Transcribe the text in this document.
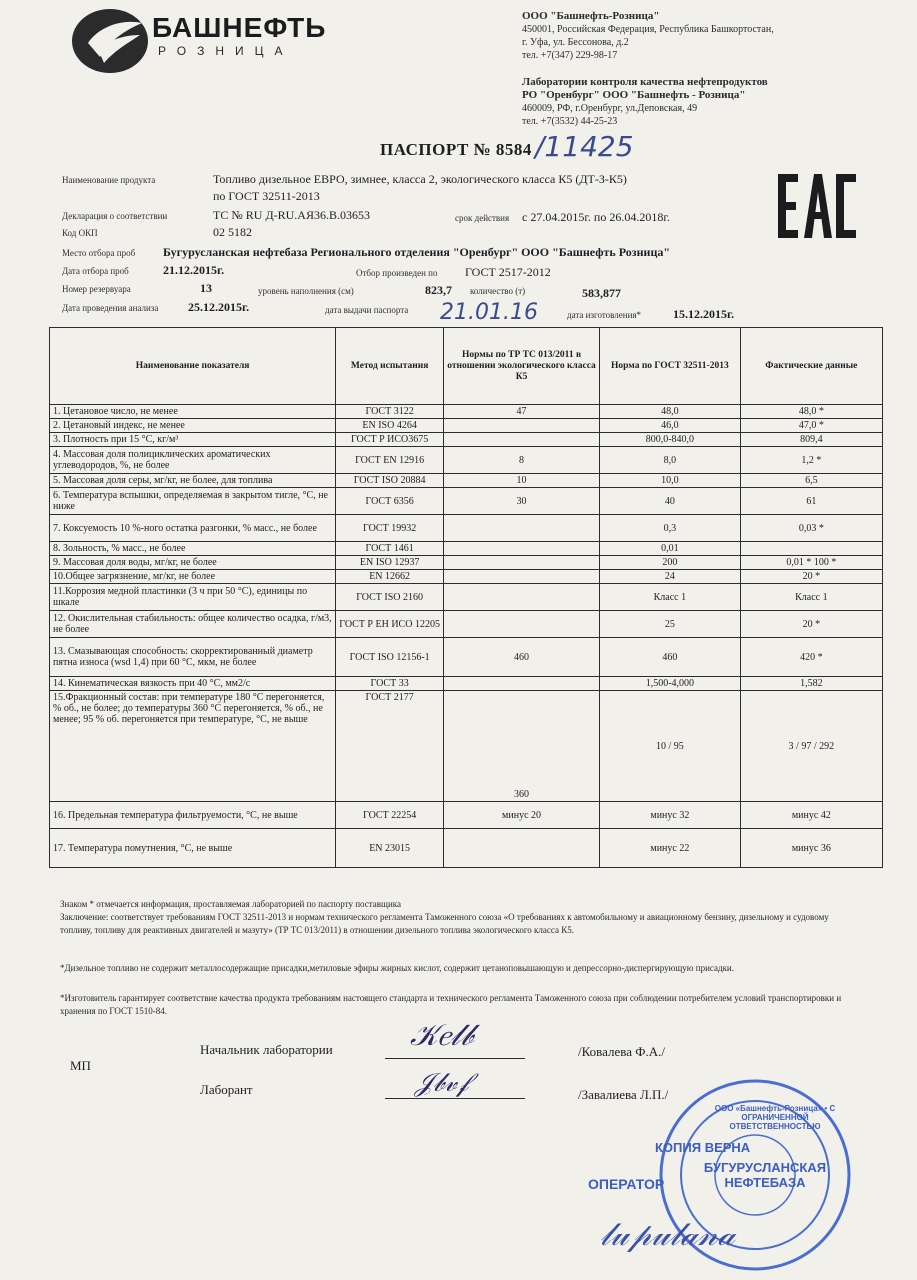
БАШНЕФТЬ
РОЗНИЦА
ООО "Башнефть-Розница"
450001, Российская Федерация, Республика Башкортостан,
г. Уфа, ул. Бессонова, д.2
тел. +7(347) 229-98-17
Лаборатории контроля качества нефтепродуктов
РО "Оренбург" ООО "Башнефть - Розница"
460009, РФ, г.Оренбург, ул.Деповская, 49
тел. +7(3532) 44-25-23
ПАСПОРТ № 8584 /11425
Наименование продукта	Топливо дизельное ЕВРО, зимнее, класса 2, экологического класса К5 (ДТ-З-К5)
по ГОСТ 32511-2013
Декларация о соответствии	ТС № RU Д-RU.АЯ36.В.03653	срок действия с 27.04.2015г. по 26.04.2018г.
Код ОКП	02 5182
Место отбора проб Бугурусланская нефтебаза Регионального отделения "Оренбург" ООО "Башнефть Розница"
Дата отбора проб	21.12.2015г.	Отбор произведен по ГОСТ 2517-2012
Номер резервуара	13	уровень наполнения (см)	823,7 количество (т)	583,877
Дата проведения анализа 25.12.2015г.	дата выдачи паспорта 21.01.16	дата изготовления*	15.12.2015г.
Наименование показателя	Метод испытания	Нормы по ТР ТС 013/2011 в отношении экологического класса К5	Норма по ГОСТ 32511-2013	Фактические данные
1. Цетановое число, не менее	ГОСТ 3122	47	48,0	48,0 *
2. Цетановый индекс, не менее	EN ISO 4264		46,0	47,0 *
3. Плотность при 15 °С, кг/м³	ГОСТ Р ИСО3675		800,0-840,0	809,4
4. Массовая доля полициклических ароматических углеводородов, %, не более	ГОСТ EN 12916	8	8,0	1,2 *
5. Массовая доля серы, мг/кг, не более, для топлива	ГОСТ ISO 20884	10	10,0	6,5
6. Температура вспышки, определяемая в закрытом тигле, °С, не ниже	ГОСТ 6356	30	40	61
7. Коксуемость 10 %-ного остатка разгонки, % масс., не более	ГОСТ 19932		0,3	0,03 *
8. Зольность, % масс., не более	ГОСТ 1461		0,01	
9. Массовая доля воды, мг/кг, не более	EN ISO 12937		200	0,01 * 100 *
10.Общее загрязнение, мг/кг, не более	EN 12662		24	20 *
11.Коррозия медной пластинки (3 ч при 50 °С), единицы по шкале	ГОСТ ISO 2160		Класс 1	Класс 1
12. Окислительная стабильность: общее количество осадка, г/м3, не более	ГОСТ Р ЕН ИСО 12205		25	20 *
13. Смазывающая способность: скорректированный диаметр пятна износа (wsd 1,4) при 60 °С, мкм, не более	ГОСТ ISO 12156-1	460	460	420 *
14. Кинематическая вязкость при 40 °С, мм2/с	ГОСТ 33		1,500-4,000	1,582
15.Фракционный состав: при температуре 180 °С перегоняется, % об., не более; до температуры 360 °С перегоняется, % об., не менее; 95 % об. перегоняется при температуре, °С, не выше	ГОСТ 2177	360	10 / 95	3 / 97 / 292
16. Предельная температура фильтруемости, °С, не выше	ГОСТ 22254	минус 20	минус 32	минус 42
17. Температура помутнения, °С, не выше	EN 23015		минус 22	минус 36
Знаком * отмечается информация, проставляемая лабораторией по паспорту поставщика
Заключение: соответствует требованиям ГОСТ 32511-2013 и нормам технического регламента Таможенного союза «О требованиях к автомобильному и авиационному бензину, дизельному и судовому топливу, топливу для реактивных двигателей и мазуту» (ТР ТС 013/2011) в отношении дизельного топлива экологического класса К5.
*Дизельное топливо не содержит металлосодержащие присадки,метиловые эфиры жирных кислот, содержит цетаноповышающую и депрессорно-диспергирующую присадки.
*Изготовитель гарантирует соответствие качества продукта требованиям настоящего стандарта и технического регламента Таможенного союза при соблюдении потребителем условий транспортировки и хранения по ГОСТ 1510-84.
МП
Начальник лаборатории	𝒦𝑒𝓁𝒷	/Ковалева Ф.А./
Лаборант	𝒥𝒷𝓋𝒻	/Завалиева Л.П./
ООО «Башнефть-Розница» • С ОГРАНИЧЕННОЙ ОТВЕТСТВЕННОСТЬЮ
БУГУРУСЛАНСКАЯ НЕФТЕБАЗА
КОПИЯ ВЕРНА
ОПЕРАТОР
𝓁𝓊𝓅𝓊𝓁𝒶𝓃𝒶
